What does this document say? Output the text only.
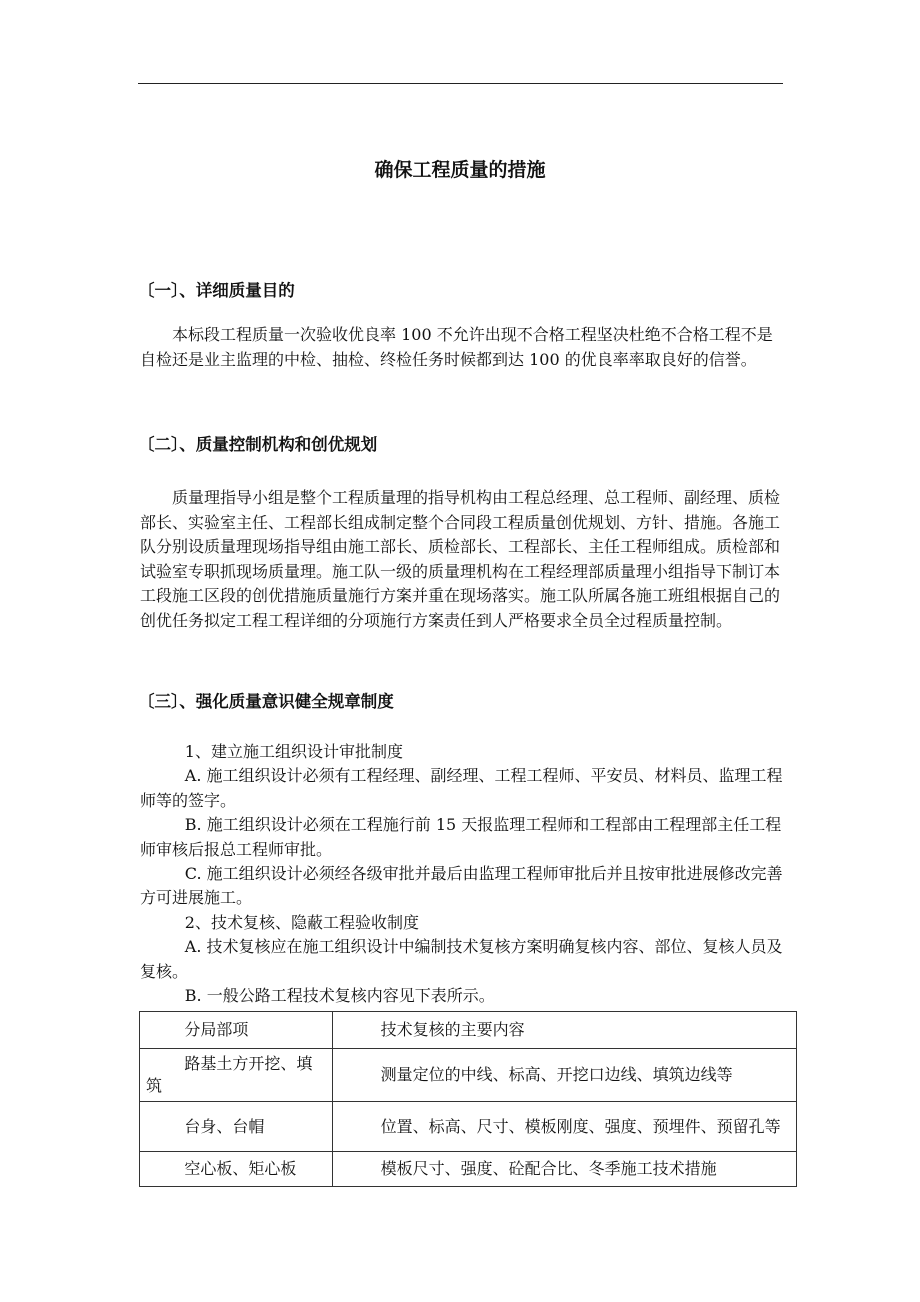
确保工程质量的措施
〔一〕、详细质量目的

本标段工程质量一次验收优良率 100 不允许出现不合格工程坚决杜绝不合格工程不是自检还是业主监理的中检、抽检、终检任务时候都到达 100 的优良率率取良好的信誉。

〔二〕、质量控制机构和创优规划

质量理指导小组是整个工程质量理的指导机构由工程总经理、总工程师、副经理、质检部长、实验室主任、工程部长组成制定整个合同段工程质量创优规划、方针、措施。各施工队分别设质量理现场指导组由施工部长、质检部长、工程部长、主任工程师组成。质检部和试验室专职抓现场质量理。施工队一级的质量理机构在工程经理部质量理小组指导下制订本工段施工区段的创优措施质量施行方案并重在现场落实。施工队所属各施工班组根据自己的创优任务拟定工程工程详细的分项施行方案责任到人严格要求全员全过程质量控制。

〔三〕、强化质量意识健全规章制度
1、建立施工组织设计审批制度
A. 施工组织设计必须有工程经理、副经理、工程工程师、平安员、材料员、监理工程师等的签字。
B. 施工组织设计必须在工程施行前 15 天报监理工程师和工程部由工程理部主任工程师审核后报总工程师审批。
C. 施工组织设计必须经各级审批并最后由监理工程师审批后并且按审批进展修改完善方可进展施工。
2、技术复核、隐蔽工程验收制度
A. 技术复核应在施工组织设计中编制技术复核方案明确复核内容、部位、复核人员及复核。
B. 一般公路工程技术复核内容见下表所示。
分局部项	技术复核的主要内容
路基土方开挖、填筑	测量定位的中线、标高、开挖口边线、填筑边线等
台身、台帽	位置、标高、尺寸、模板刚度、强度、预埋件、预留孔等
空心板、矩心板	模板尺寸、强度、砼配合比、冬季施工技术措施
